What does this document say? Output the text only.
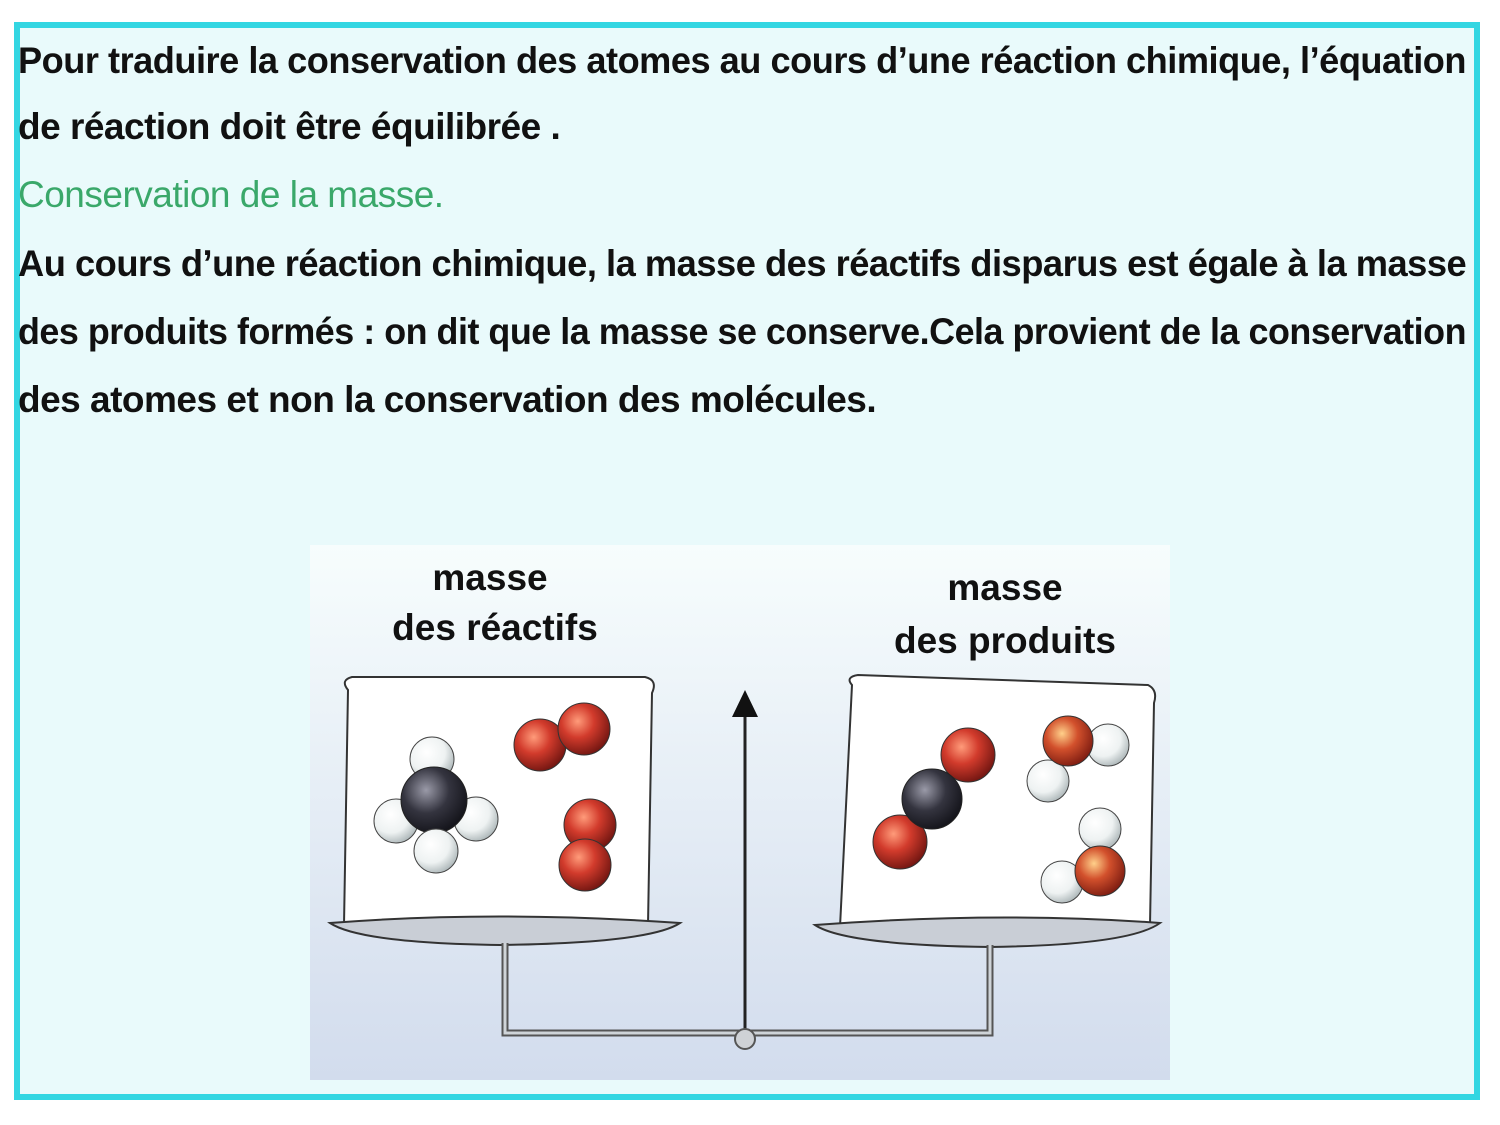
Pour traduire la conservation des atomes au cours d’une réaction chimique, l’équation
de réaction doit être équilibrée .
Conservation de la masse.
Au cours d’une réaction chimique, la masse des réactifs disparus est égale à la masse
des produits formés : on dit que la masse se conserve.Cela provient de la conservation
des atomes et non la conservation des molécules.
masse
des réactifs
masse
des produits
